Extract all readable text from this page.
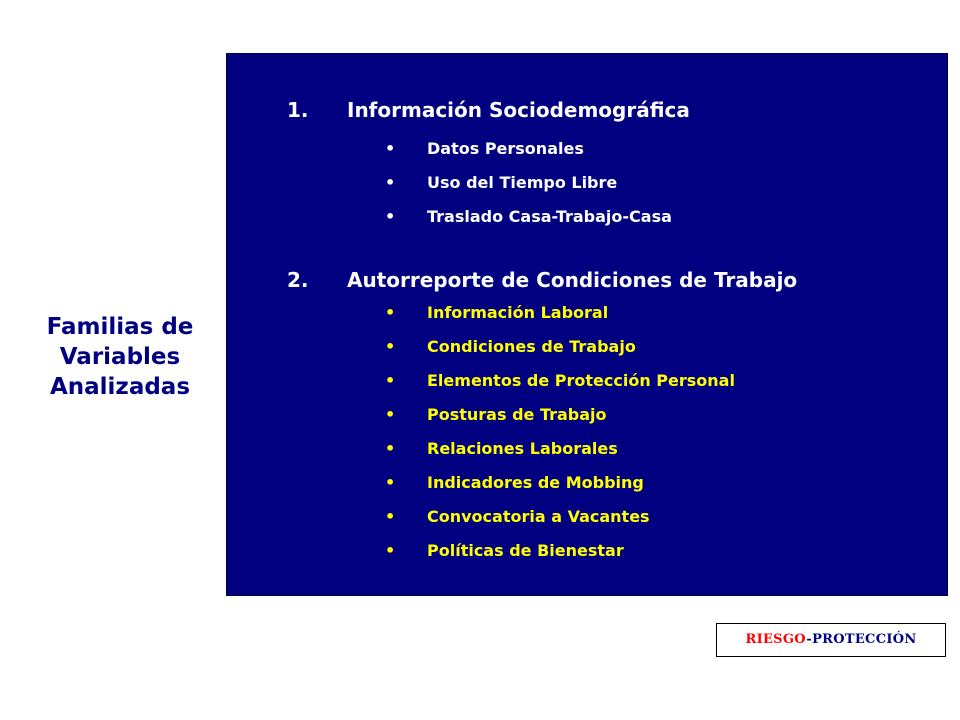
Familias de
Variables
Analizadas
1. Información Sociodemográfica
• Datos Personales
• Uso del Tiempo Libre
• Traslado Casa-Trabajo-Casa
2. Autorreporte de Condiciones de Trabajo
• Información Laboral
• Condiciones de Trabajo
• Elementos de Protección Personal
• Posturas de Trabajo
• Relaciones Laborales
• Indicadores de Mobbing
• Convocatoria a Vacantes
• Políticas de Bienestar
RIESGO-PROTECCIÓN
